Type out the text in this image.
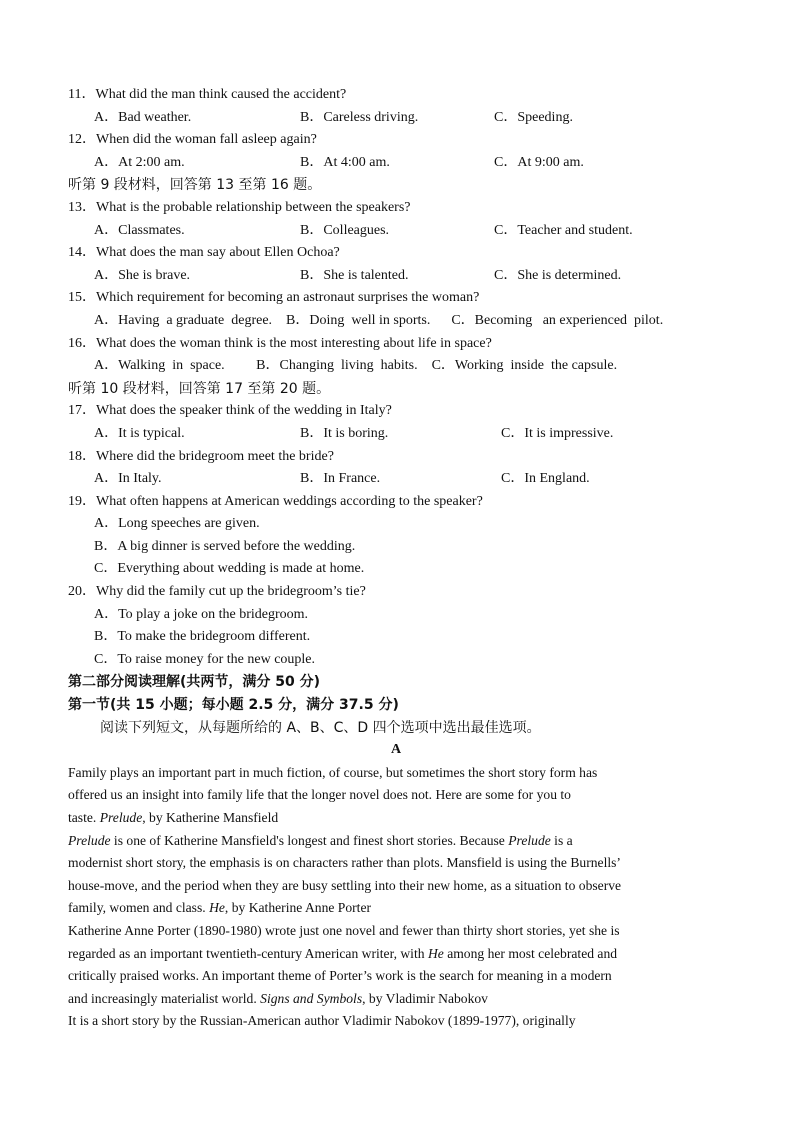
11．What did the man think caused the accident?
A．Bad weather.	B．Careless driving.	C．Speeding.
12．When did the woman fall asleep again?
A．At 2:00 am.	B．At 4:00 am.	C．At 9:00 am.
听第 9 段材料，回答第 13 至第 16 题。
13．What is the probable relationship between the speakers?
A．Classmates.	B．Colleagues.	C．Teacher and student.
14．What does the man say about Ellen Ochoa?
A．She is brave.	B．She is talented.	C．She is determined.
15．Which requirement for becoming an astronaut surprises the woman?
A．Having  a graduate  degree.    B．Doing  well in sports.      C．Becoming   an experienced  pilot.
16．What does the woman think is the most interesting about life in space?
A．Walking  in  space.         B．Changing  living  habits.    C．Working  inside  the capsule.
听第 10 段材料，回答第 17 至第 20 题。
17．What does the speaker think of the wedding in Italy?
A．It is typical.	B．It is boring.	C．It is impressive.
18．Where did the bridegroom meet the bride?
A．In Italy.	B．In France.	C．In England.
19．What often happens at American weddings according to the speaker?
A．Long speeches are given.
B．A big dinner is served before the wedding.
C．Everything about wedding is made at home.
20．Why did the family cut up the bridegroom’s tie?
A．To play a joke on the bridegroom.
B．To make the bridegroom different.
C．To raise money for the new couple.
第二部分阅读理解(共两节，满分 50 分)
第一节(共 15 小题；每小题 2.5 分，满分 37.5 分)
阅读下列短文，从每题所给的 A、B、C、D 四个选项中选出最佳选项。
A
Family plays an important part in much fiction, of course, but sometimes the short story form has
offered us an insight into family life that the longer novel does not. Here are some for you to
taste. Prelude, by Katherine Mansfield
Prelude is one of Katherine Mansfield's longest and finest short stories. Because Prelude is a
modernist short story, the emphasis is on characters rather than plots. Mansfield is using the Burnells’
house-move, and the period when they are busy settling into their new home, as a situation to observe
family, women and class. He, by Katherine Anne Porter
Katherine Anne Porter (1890-1980) wrote just one novel and fewer than thirty short stories, yet she is
regarded as an important twentieth-century American writer, with He among her most celebrated and
critically praised works. An important theme of Porter’s work is the search for meaning in a modern
and increasingly materialist world. Signs and Symbols, by Vladimir Nabokov
It is a short story by the Russian-American author Vladimir Nabokov (1899-1977), originally
